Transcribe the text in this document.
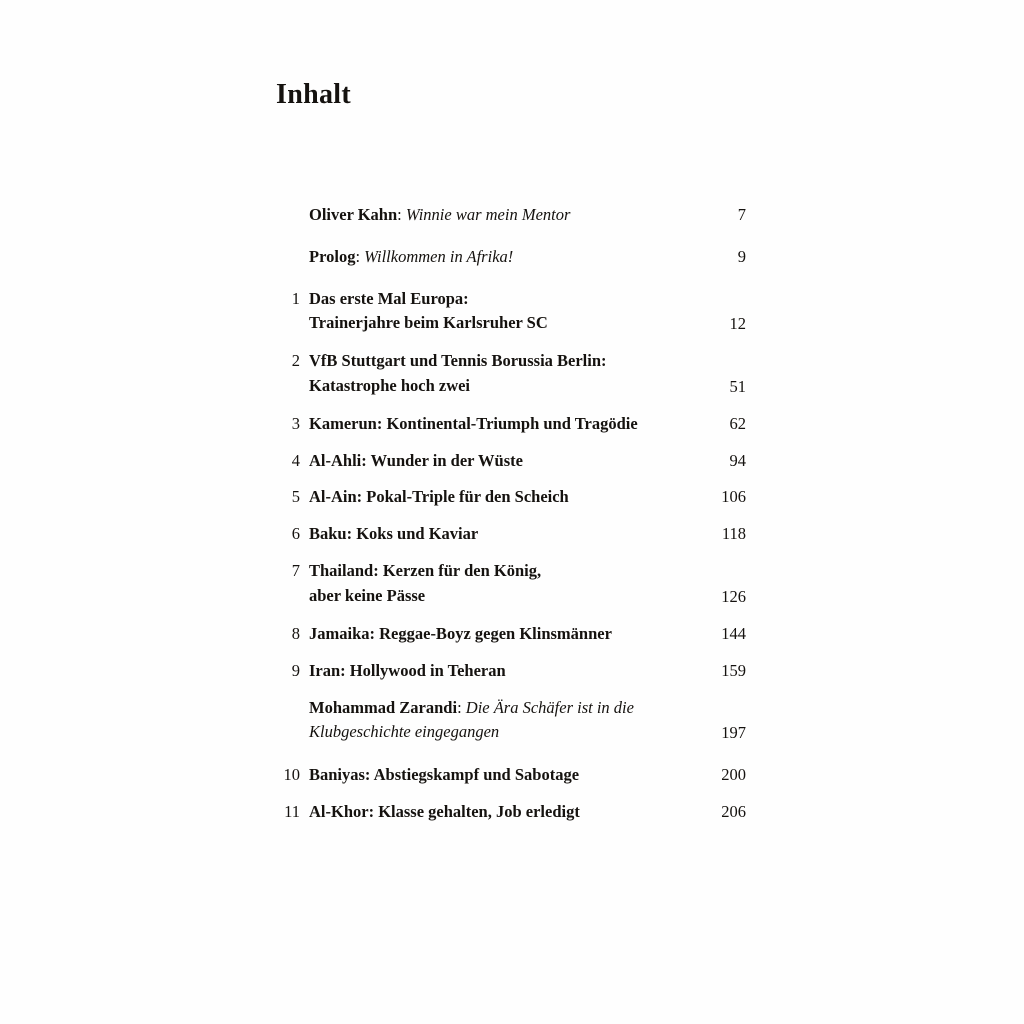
Inhalt
Oliver Kahn: Winnie war mein Mentor	7
Prolog: Willkommen in Afrika!	9
1 Das erste Mal Europa:
Trainerjahre beim Karlsruher SC	12
2 VfB Stuttgart und Tennis Borussia Berlin:
Katastrophe hoch zwei	51
3 Kamerun: Kontinental-Triumph und Tragödie	62
4 Al-Ahli: Wunder in der Wüste	94
5 Al-Ain: Pokal-Triple für den Scheich	106
6 Baku: Koks und Kaviar	118
7 Thailand: Kerzen für den König,
aber keine Pässe	126
8 Jamaika: Reggae-Boyz gegen Klinsmänner	144
9 Iran: Hollywood in Teheran	159
Mohammad Zarandi: Die Ära Schäfer ist in die
Klubgeschichte eingegangen	197
10 Baniyas: Abstiegskampf und Sabotage	200
11 Al-Khor: Klasse gehalten, Job erledigt	206
